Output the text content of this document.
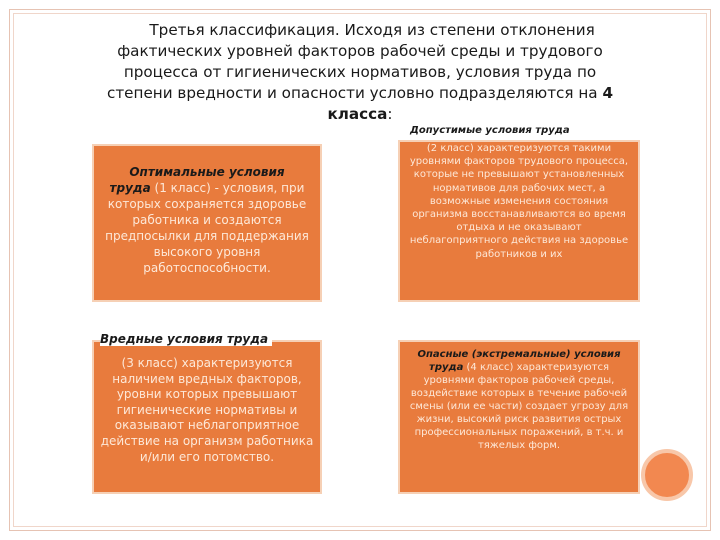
Третья классификация. Исходя из степени отклонения
фактических уровней факторов рабочей среды и трудового
процесса от гигиенических нормативов, условия труда по
степени вредности и опасности условно подразделяются на 4
класса:
Оптимальные условия
труда (1 класс) - условия, при которых сохраняется здоровье работника и создаются предпосылки для поддержания высокого уровня работоспособности.
Допустимые условия труда
(2 класс) характеризуются такими уровнями факторов трудового процесса, которые не превышают установленных нормативов для рабочих мест, а возможные изменения состояния организма восстанавливаются во время отдыха и не оказывают неблагоприятного действия на здоровье работников и их
(3 класс) характеризуются наличием вредных факторов, уровни которых превышают гигиенические нормативы и оказывают неблагоприятное действие на организм работника и/или его потомство.
Вредные условия труда
Опасные (экстремальные) условия труда (4 класс) характеризуются уровнями факторов рабочей среды, воздействие которых в течение рабочей смены (или ее части) создает угрозу для жизни, высокий риск развития острых профессиональных поражений, в т.ч. и тяжелых форм.
